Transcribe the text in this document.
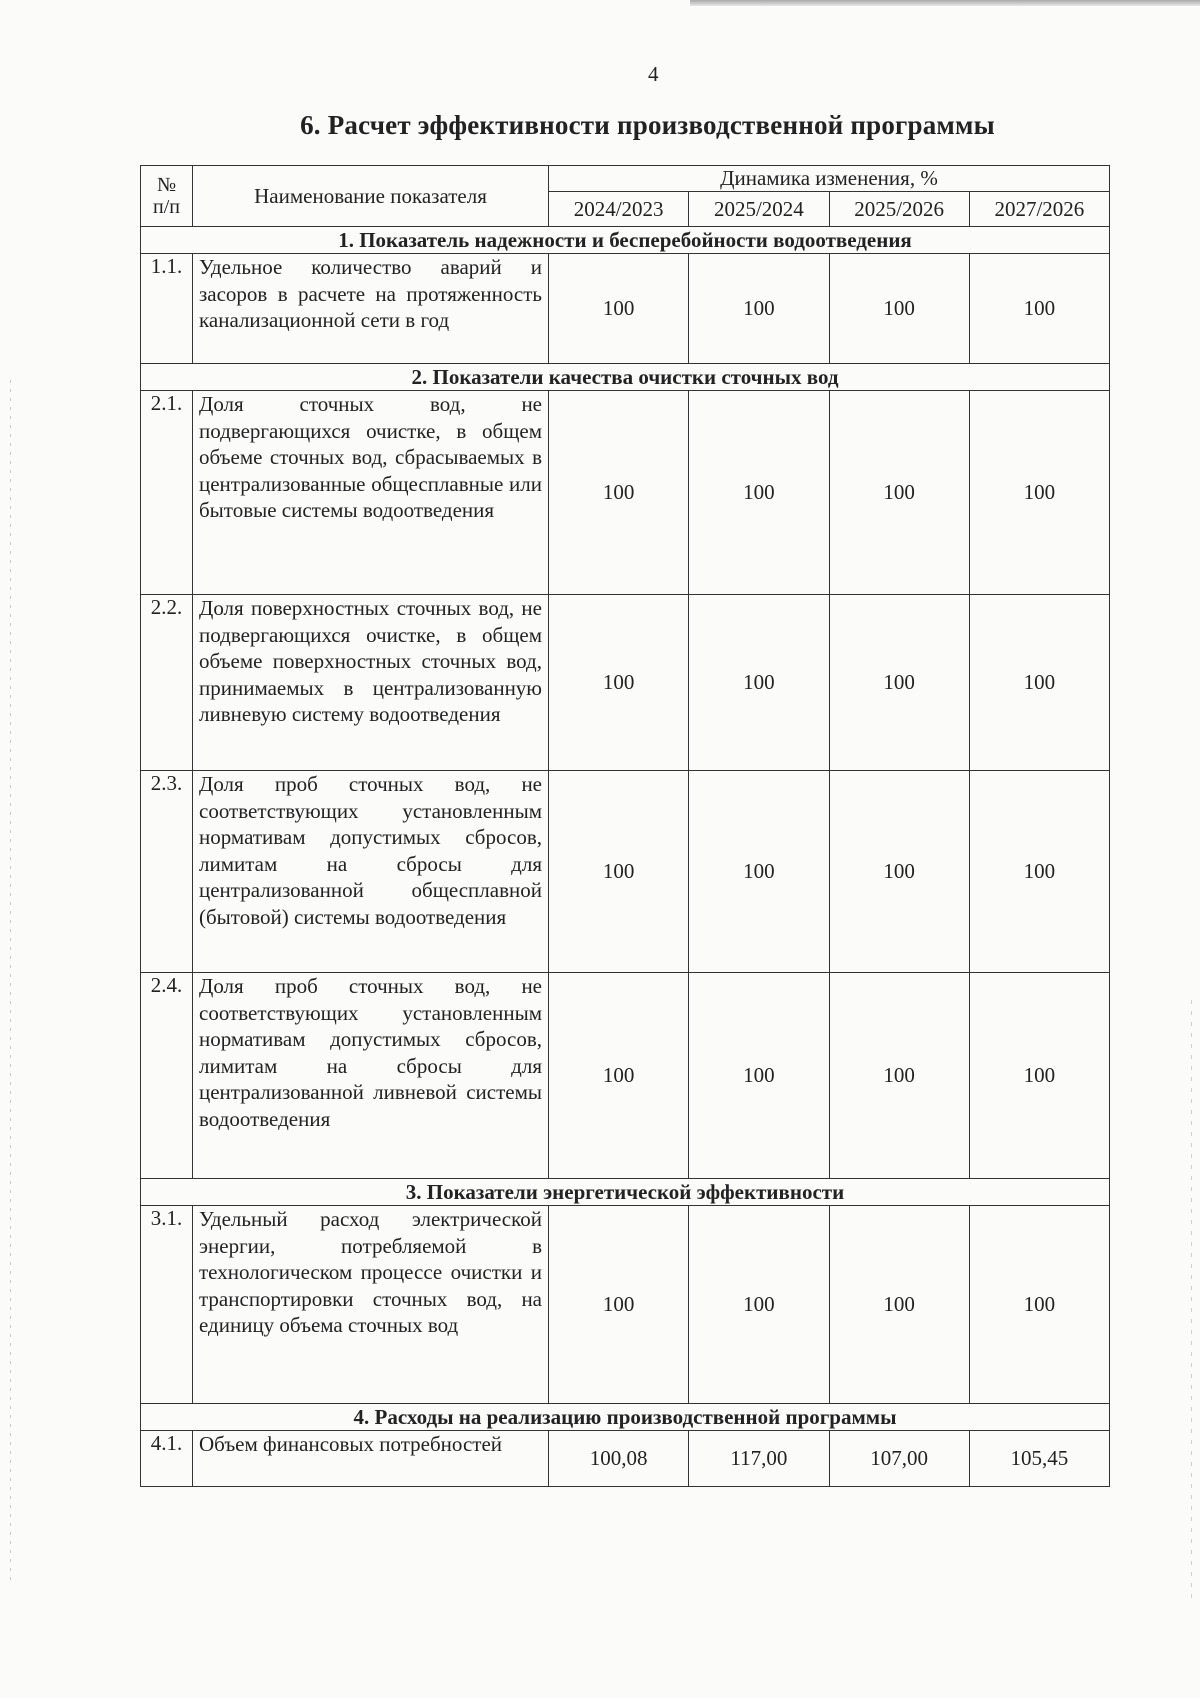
4
6. Расчет эффективности производственной программы
№ п/п	Наименование показателя	Динамика изменения, %			
		2024/2023	2025/2024	2025/2026	2027/2026
1. Показатель надежности и бесперебойности водоотведения					
1.1.	Удельное количество аварий и засоров в расчете на протяженность канализационной сети в год	100	100	100	100
2. Показатели качества очистки сточных вод					
2.1.	Доля сточных вод, не подвергающихся очистке, в общем объеме сточных вод, сбрасываемых в централизованные общесплавные или бытовые системы водоотведения	100	100	100	100
2.2.	Доля поверхностных сточных вод, не подвергающихся очистке, в общем объеме поверхностных сточных вод, принимаемых в централизованную ливневую систему водоотведения	100	100	100	100
2.3.	Доля проб сточных вод, не соответствующих установленным нормативам допустимых сбросов, лимитам на сбросы для централизованной общесплавной (бытовой) системы водоотведения	100	100	100	100
2.4.	Доля проб сточных вод, не соответствующих установленным нормативам допустимых сбросов, лимитам на сбросы для централизованной ливневой системы водоотведения	100	100	100	100
3. Показатели энергетической эффективности					
3.1.	Удельный расход электрической энергии, потребляемой в технологическом процессе очистки и транспортировки сточных вод, на единицу объема сточных вод	100	100	100	100
4. Расходы на реализацию производственной программы					
4.1.	Объем финансовых потребностей	100,08	117,00	107,00	105,45
